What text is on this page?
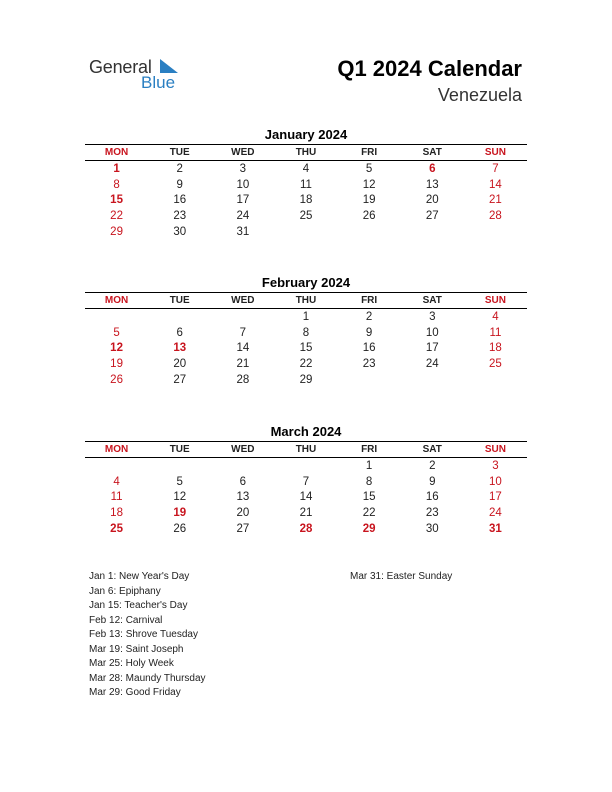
General
Blue
Q1 2024 Calendar
Venezuela
January 2024
MON	TUE	WED	THU	FRI	SAT	SUN
1	2	3	4	5	6	7
8	9	10	11	12	13	14
15	16	17	18	19	20	21
22	23	24	25	26	27	28
29	30	31				
February 2024
MON	TUE	WED	THU	FRI	SAT	SUN
			1	2	3	4
5	6	7	8	9	10	11
12	13	14	15	16	17	18
19	20	21	22	23	24	25
26	27	28	29			
March 2024
MON	TUE	WED	THU	FRI	SAT	SUN
				1	2	3
4	5	6	7	8	9	10
11	12	13	14	15	16	17
18	19	20	21	22	23	24
25	26	27	28	29	30	31
Jan 1: New Year's Day
Jan 6: Epiphany
Jan 15: Teacher's Day
Feb 12: Carnival
Feb 13: Shrove Tuesday
Mar 19: Saint Joseph
Mar 25: Holy Week
Mar 28: Maundy Thursday
Mar 29: Good Friday
Mar 31: Easter Sunday
